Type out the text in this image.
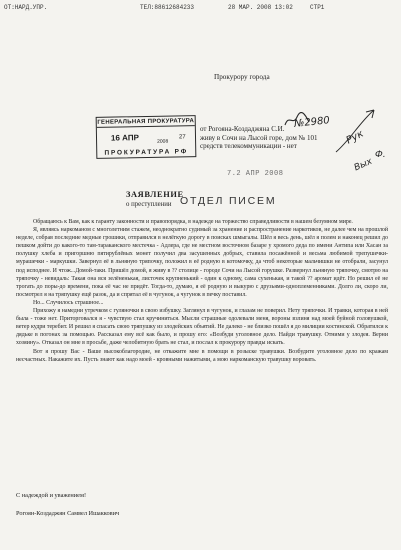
ОТ:НАРД.УПР.	ТЕЛ:88612684233	28 МАР. 2008 13:02	СТР1
Прокурору города
ГЕНЕРАЛЬНАЯ ПРОКУРАТУРА
16 АПР	2008
27
ПРОКУРАТУРА РФ
от Рогояна-Коздаджяна С.И.
живу в Сочи на Лысой горе, дом № 101
средств телекоммуникации - нет
№2980
Рук
Вых
Ф.
7.2 АПР 2008
ЗАЯВЛЕНИЕ
о преступлении ОТДЕЛ ПИСЕМ

Обращаюсь к Вам, как к гаранту законности и правопорядка, в надежде на торжество справедливости в нашем безумном мире.

Я, являясь наркоманом с многолетним стажем, неоднократно судимый за хранение и распространение наркотиков, не далее чем на прошлой неделе, собрав последние медные грошики, отправился в нелёгкую дорогу в поисках шмыгалы. Шёл я весь день, шёл я полем и наконец решил до пешком дойти до какого-то там-тараканского местечка - Адлера, где не местном восточном базаре у хромого деда по имени Антипа или Хасан за полушку хлеба и пригоршню пятирублёвых монет получил два засушенных добрых, ставила посажённой и весьма любимой трепушечки-мурашечки - маркушки. Завернул её в льняную тряпочку, положил в её родную в котомочку, да чтоб некоторые мальчишки не отобрали, засунул под исподнее. И чтож...Домой-таки. Пришёл домой, я живу в ?? столице - городе Сочи на Лысой горушке. Развернул льняную тряпочку, смотрю на тряпочку - невидаль: Такая она вся зелёненькая, листочек крупненький - один к одному, сама сухенькая, и такой ?? аромат идёт. Но решил её не трогать до поры-до времени, пока её час не придёт. Тогда-то, думаю, я её родную и выкурю с друзьями-одноплеменниками. Долго ли, скоро ли, посмотрел я на тряпушку ещё разок, да и спрятал её в чугунок, а чугунок в печку поставил.

Но... Случилось страшное...

Прихожу я намедни утречком с гуляночки в свою избушку. Заглянул в чугунок, и глазам не поверил. Нету тряпочки. И травки, которая в ней была - тоже нет. Приторговался я - чувствую стал кручиниться. Мысли страшные одолевали меня, вороны взлиня над моей буйной головушкой, ветер кудри теребит. И решил я спасать свою тряпушку из злодейских объятий. Не далеко - не близко пошёл я до милиции костянской. Обратился к дядьке в погонах за помощью. Рассказал ему всё как было, и прошу его: «Возбуди уголовное дело. Найди травушку. Отними у злодея. Верни хозяину». Отказал он мне в просьбе, даже челобитную брать не стал, и послал к прокурору правды искать.

Вот я прошу Вас - Ваше высокоблагородие, не откажите мне в помощи в розыске травушки. Возбудите уголовное дело по кражам несчастных. Накажите их. Пусть знают как надо моей - кровными нажитыми, а мою наркоманскую травушку воровать.

С надеждой и уважением!
Рогоян-Коздаджян Самвел Ишаккович
